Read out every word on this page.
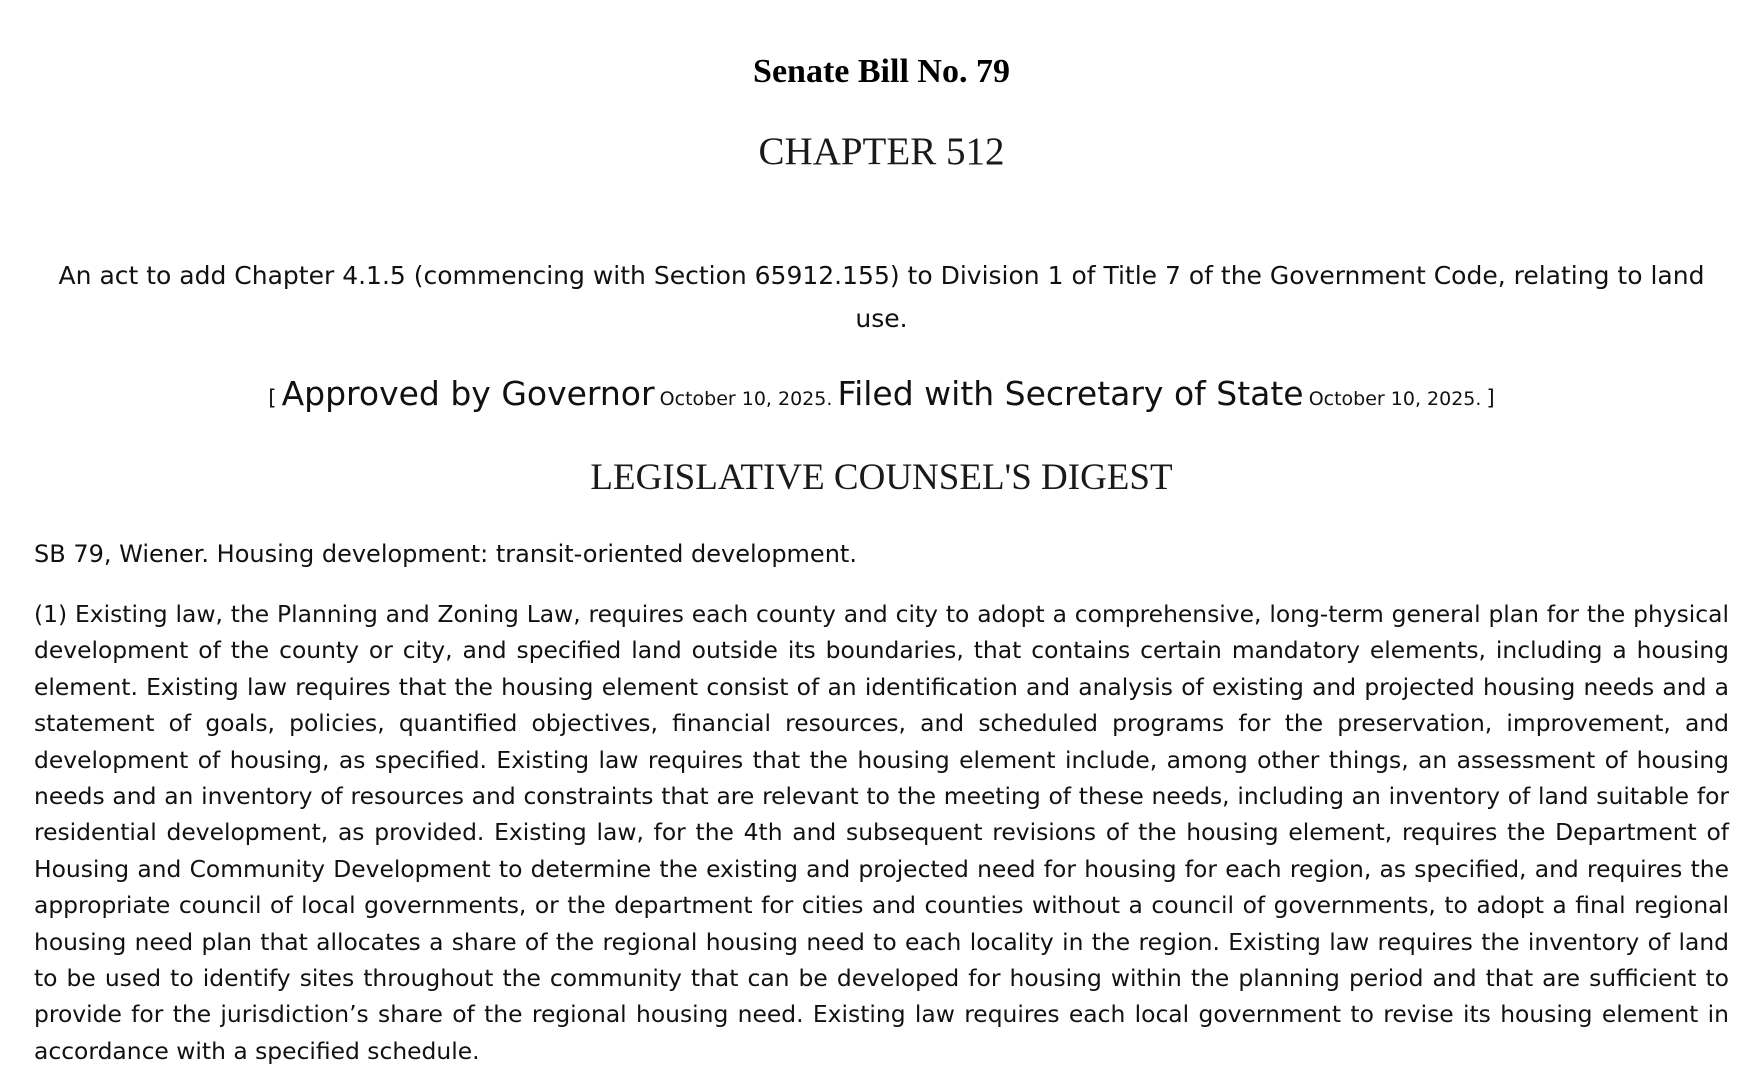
Senate Bill No. 79
CHAPTER 512
An act to add Chapter 4.1.5 (commencing with Section 65912.155) to Division 1 of Title 7 of the Government Code, relating to land use.
[ Approved by Governor October 10, 2025. Filed with Secretary of State October 10, 2025. ]
LEGISLATIVE COUNSEL'S DIGEST
SB 79, Wiener. Housing development: transit-oriented development.

(1) Existing law, the Planning and Zoning Law, requires each county and city to adopt a comprehensive, long-term general plan for the physical development of the county or city, and specified land outside its boundaries, that contains certain mandatory elements, including a housing element. Existing law requires that the housing element consist of an identification and analysis of existing and projected housing needs and a statement of goals, policies, quantified objectives, financial resources, and scheduled programs for the preservation, improvement, and development of housing, as specified. Existing law requires that the housing element include, among other things, an assessment of housing needs and an inventory of resources and constraints that are relevant to the meeting of these needs, including an inventory of land suitable for residential development, as provided. Existing law, for the 4th and subsequent revisions of the housing element, requires the Department of Housing and Community Development to determine the existing and projected need for housing for each region, as specified, and requires the appropriate council of local governments, or the department for cities and counties without a council of governments, to adopt a final regional housing need plan that allocates a share of the regional housing need to each locality in the region. Existing law requires the inventory of land to be used to identify sites throughout the community that can be developed for housing within the planning period and that are sufficient to provide for the jurisdiction’s share of the regional housing need. Existing law requires each local government to revise its housing element in accordance with a specified schedule.
